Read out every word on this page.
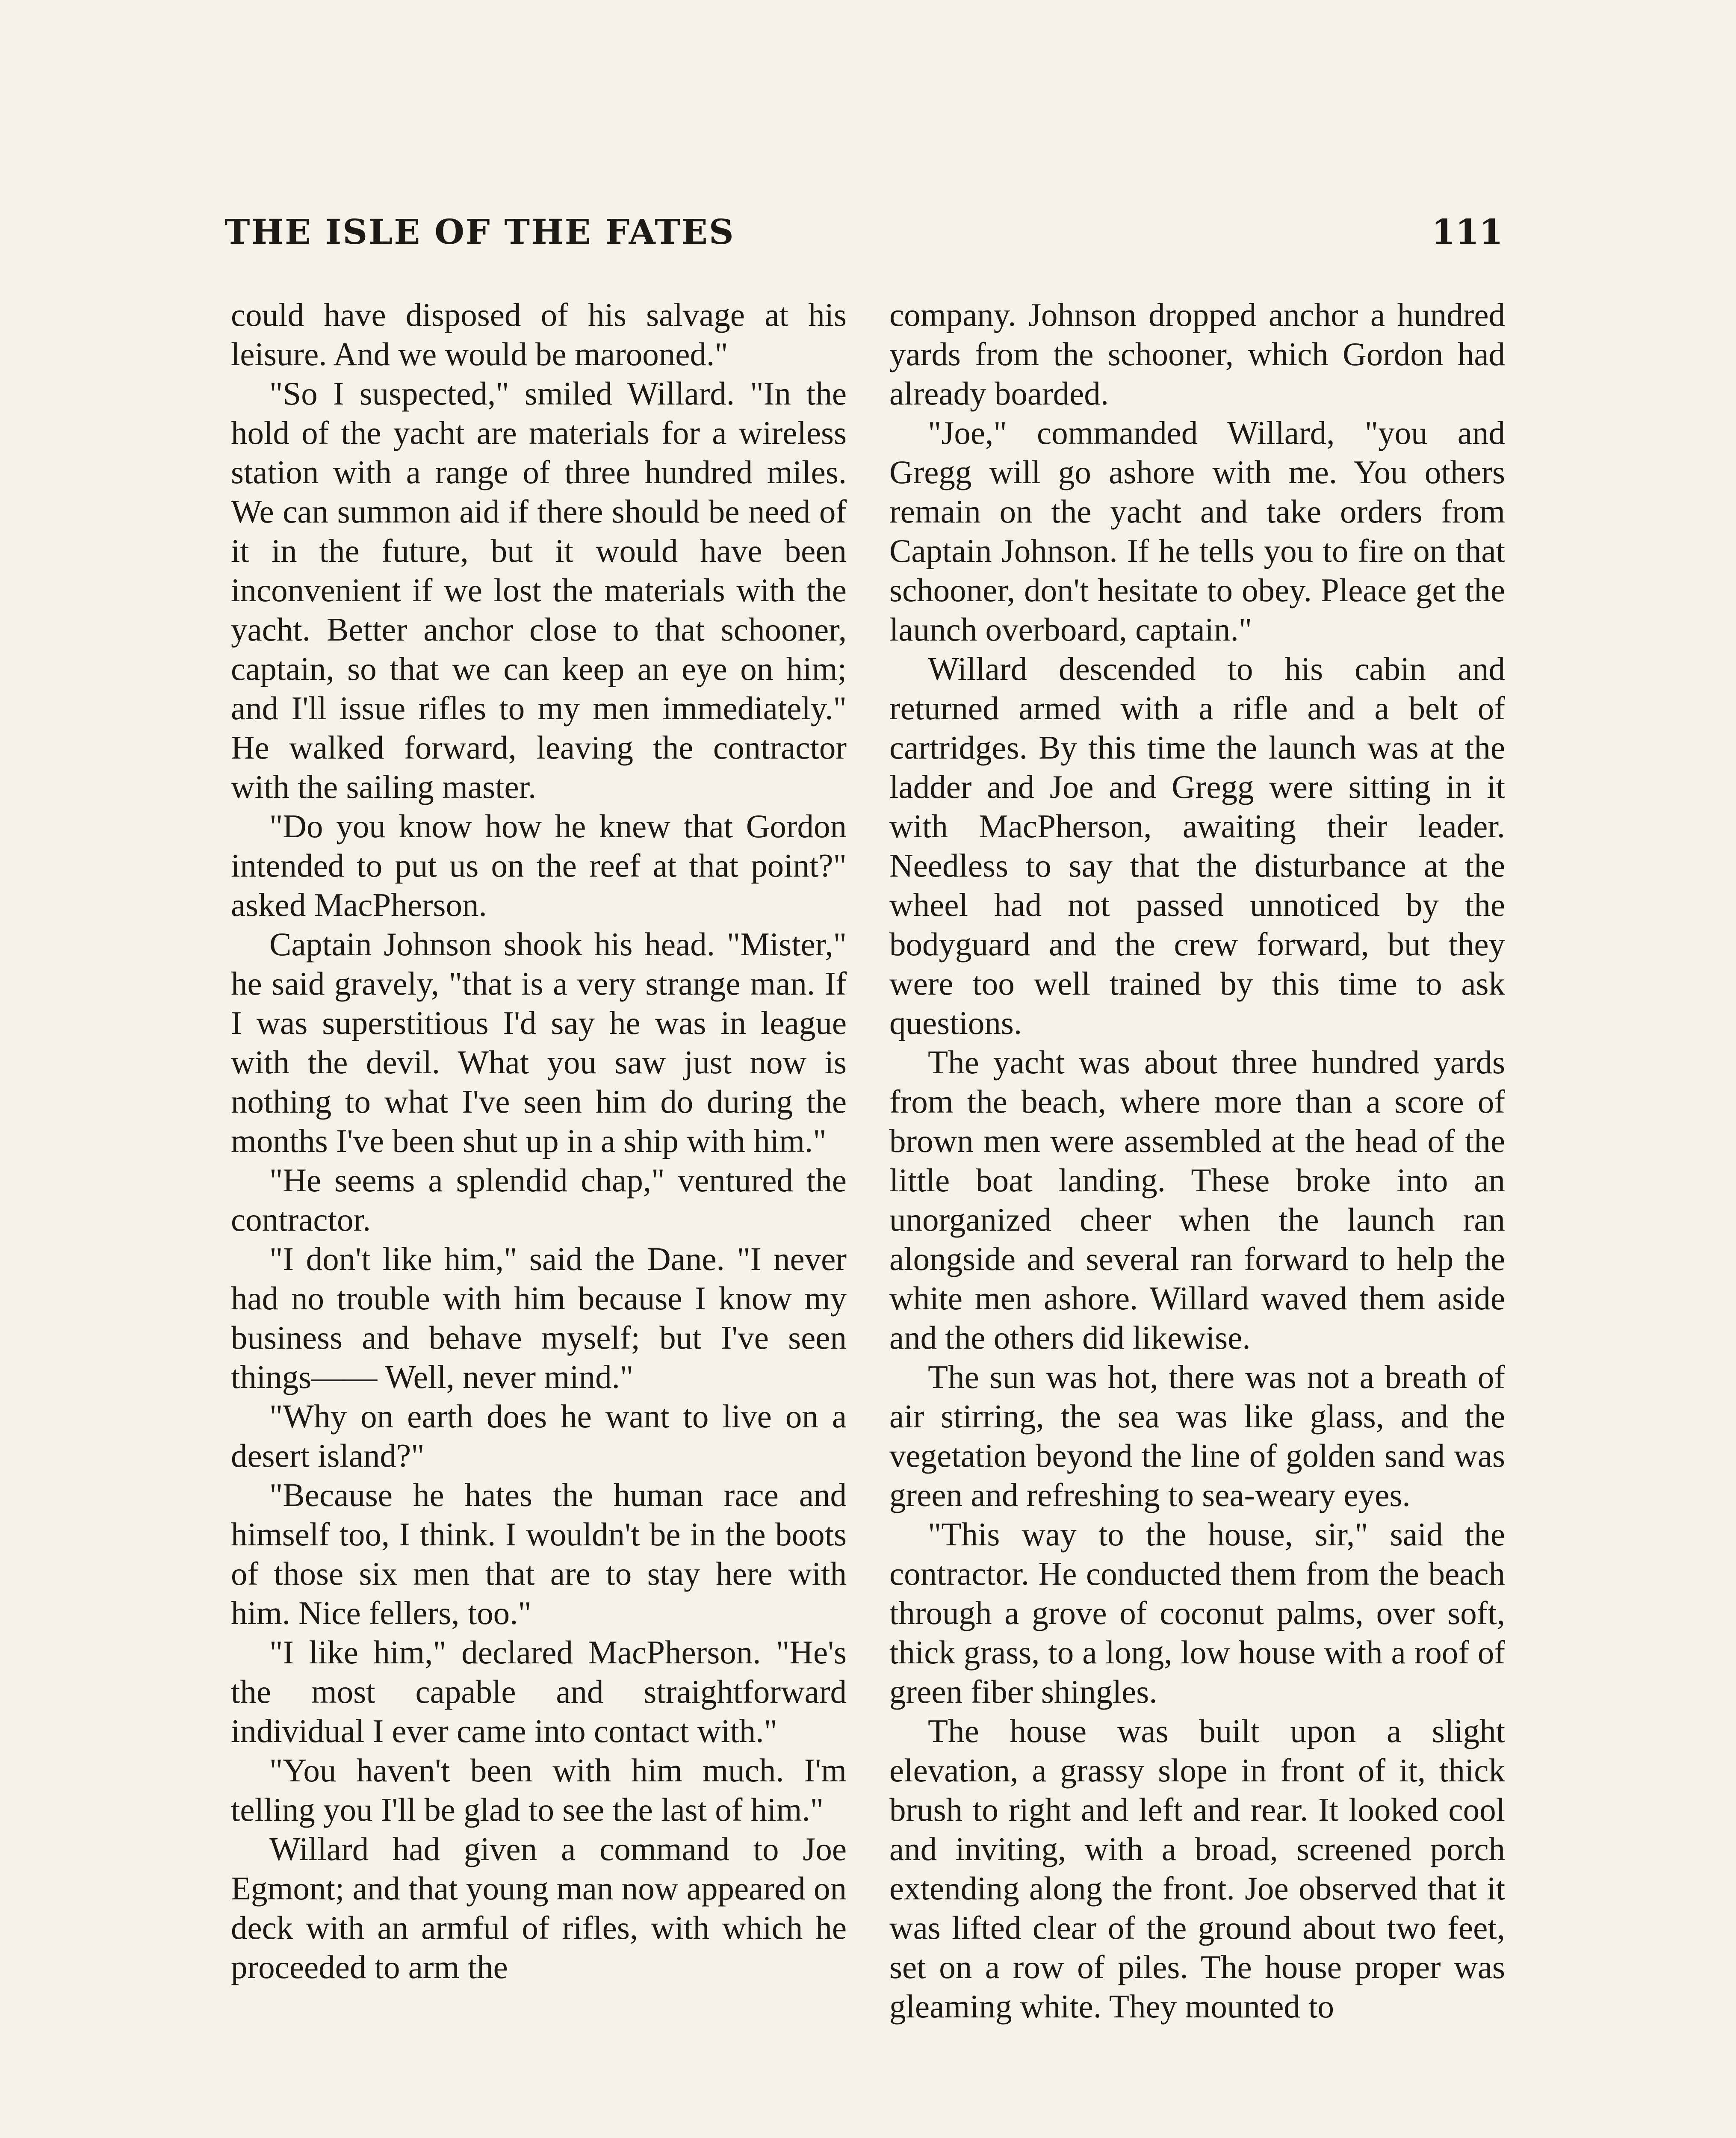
THE ISLE OF THE FATES	111

could have disposed of his salvage at his leisure. And we would be marooned."

"So I suspected," smiled Willard. "In the hold of the yacht are materials for a wireless station with a range of three hundred miles. We can summon aid if there should be need of it in the future, but it would have been inconvenient if we lost the materials with the yacht. Better anchor close to that schooner, captain, so that we can keep an eye on him; and I'll issue rifles to my men immediately." He walked forward, leaving the contractor with the sailing master.

"Do you know how he knew that Gordon intended to put us on the reef at that point?" asked MacPherson.

Captain Johnson shook his head. "Mister," he said gravely, "that is a very strange man. If I was superstitious I'd say he was in league with the devil. What you saw just now is nothing to what I've seen him do during the months I've been shut up in a ship with him."

"He seems a splendid chap," ventured the contractor.

"I don't like him," said the Dane. "I never had no trouble with him because I know my business and behave myself; but I've seen things—— Well, never mind."

"Why on earth does he want to live on a desert island?"

"Because he hates the human race and himself too, I think. I wouldn't be in the boots of those six men that are to stay here with him. Nice fellers, too."

"I like him," declared MacPherson. "He's the most capable and straightforward individual I ever came into contact with."

"You haven't been with him much. I'm telling you I'll be glad to see the last of him."

Willard had given a command to Joe Egmont; and that young man now appeared on deck with an armful of rifles, with which he proceeded to arm the

company. Johnson dropped anchor a hundred yards from the schooner, which Gordon had already boarded.

"Joe," commanded Willard, "you and Gregg will go ashore with me. You others remain on the yacht and take orders from Captain Johnson. If he tells you to fire on that schooner, don't hesitate to obey. Pleace get the launch overboard, captain."

Willard descended to his cabin and returned armed with a rifle and a belt of cartridges. By this time the launch was at the ladder and Joe and Gregg were sitting in it with MacPherson, awaiting their leader. Needless to say that the disturbance at the wheel had not passed unnoticed by the bodyguard and the crew forward, but they were too well trained by this time to ask questions.

The yacht was about three hundred yards from the beach, where more than a score of brown men were assembled at the head of the little boat landing. These broke into an unorganized cheer when the launch ran alongside and several ran forward to help the white men ashore. Willard waved them aside and the others did likewise.

The sun was hot, there was not a breath of air stirring, the sea was like glass, and the vegetation beyond the line of golden sand was green and refreshing to sea-weary eyes.

"This way to the house, sir," said the contractor. He conducted them from the beach through a grove of coconut palms, over soft, thick grass, to a long, low house with a roof of green fiber shingles.

The house was built upon a slight elevation, a grassy slope in front of it, thick brush to right and left and rear. It looked cool and inviting, with a broad, screened porch extending along the front. Joe observed that it was lifted clear of the ground about two feet, set on a row of piles. The house proper was gleaming white. They mounted to
